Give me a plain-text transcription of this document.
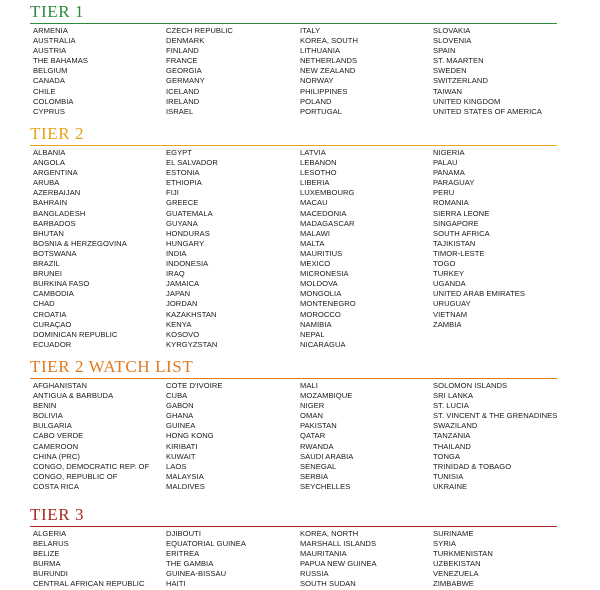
TIER 1
ARMENIA
AUSTRALIA
AUSTRIA
THE BAHAMAS
BELGIUM
CANADA
CHILE
COLOMBIA
CYPRUS
CZECH REPUBLIC
DENMARK
FINLAND
FRANCE
GEORGIA
GERMANY
ICELAND
IRELAND
ISRAEL
ITALY
KOREA, SOUTH
LITHUANIA
NETHERLANDS
NEW ZEALAND
NORWAY
PHILIPPINES
POLAND
PORTUGAL
SLOVAKIA
SLOVENIA
SPAIN
ST. MAARTEN
SWEDEN
SWITZERLAND
TAIWAN
UNITED KINGDOM
UNITED STATES OF AMERICA
TIER 2
ALBANIA
ANGOLA
ARGENTINA
ARUBA
AZERBAIJAN
BAHRAIN
BANGLADESH
BARBADOS
BHUTAN
BOSNIA & HERZEGOVINA
BOTSWANA
BRAZIL
BRUNEI
BURKINA FASO
CAMBODIA
CHAD
CROATIA
CURAÇAO
DOMINICAN REPUBLIC
ECUADOR
EGYPT
EL SALVADOR
ESTONIA
ETHIOPIA
FIJI
GREECE
GUATEMALA
GUYANA
HONDURAS
HUNGARY
INDIA
INDONESIA
IRAQ
JAMAICA
JAPAN
JORDAN
KAZAKHSTAN
KENYA
KOSOVO
KYRGYZSTAN
LATVIA
LEBANON
LESOTHO
LIBERIA
LUXEMBOURG
MACAU
MACEDONIA
MADAGASCAR
MALAWI
MALTA
MAURITIUS
MEXICO
MICRONESIA
MOLDOVA
MONGOLIA
MONTENEGRO
MOROCCO
NAMIBIA
NEPAL
NICARAGUA
NIGERIA
PALAU
PANAMA
PARAGUAY
PERU
ROMANIA
SIERRA LEONE
SINGAPORE
SOUTH AFRICA
TAJIKISTAN
TIMOR-LESTE
TOGO
TURKEY
UGANDA
UNITED ARAB EMIRATES
URUGUAY
VIETNAM
ZAMBIA
TIER 2 WATCH LIST
AFGHANISTAN
ANTIGUA & BARBUDA
BENIN
BOLIVIA
BULGARIA
CABO VERDE
CAMEROON
CHINA (PRC)
CONGO, DEMOCRATIC REP. OF
CONGO, REPUBLIC OF
COSTA RICA
COTE D'IVOIRE
CUBA
GABON
GHANA
GUINEA
HONG KONG
KIRIBATI
KUWAIT
LAOS
MALAYSIA
MALDIVES
MALI
MOZAMBIQUE
NIGER
OMAN
PAKISTAN
QATAR
RWANDA
SAUDI ARABIA
SENEGAL
SERBIA
SEYCHELLES
SOLOMON ISLANDS
SRI LANKA
ST. LUCIA
ST. VINCENT & THE GRENADINES
SWAZILAND
TANZANIA
THAILAND
TONGA
TRINIDAD & TOBAGO
TUNISIA
UKRAINE
TIER 3
ALGERIA
BELARUS
BELIZE
BURMA
BURUNDI
CENTRAL AFRICAN REPUBLIC
DJIBOUTI
EQUATORIAL GUINEA
ERITREA
THE GAMBIA
GUINEA-BISSAU
HAITI
KOREA, NORTH
MARSHALL ISLANDS
MAURITANIA
PAPUA NEW GUINEA
RUSSIA
SOUTH SUDAN
SURINAME
SYRIA
TURKMENISTAN
UZBEKISTAN
VENEZUELA
ZIMBABWE
